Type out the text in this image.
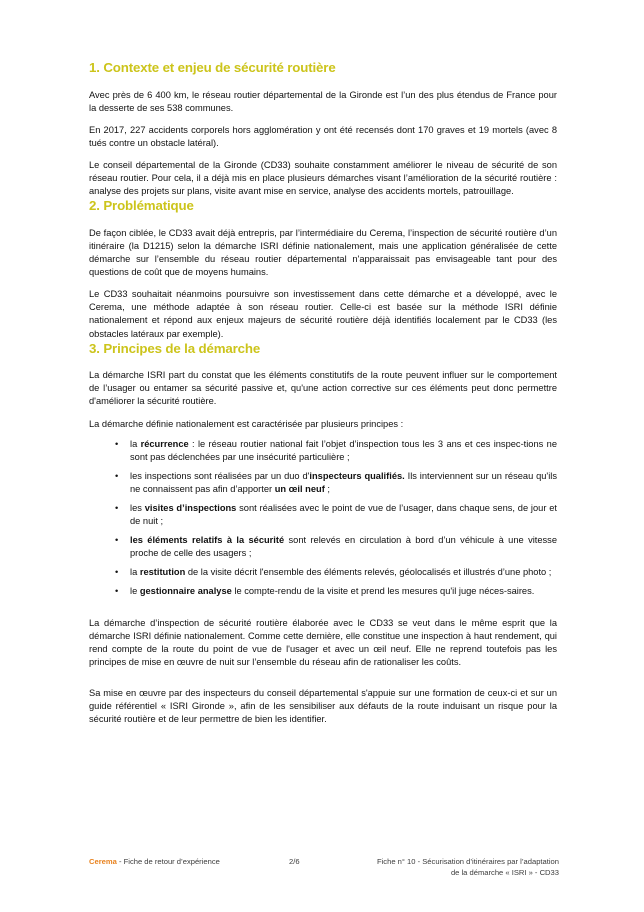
1. Contexte et enjeu de sécurité routière

Avec près de 6 400 km, le réseau routier départemental de la Gironde est l’un des plus étendus de France pour la desserte de ses 538 communes.

En 2017, 227 accidents corporels hors agglomération y ont été recensés dont 170 graves et 19 mortels (avec 8 tués contre un obstacle latéral).

Le conseil départemental de la Gironde (CD33) souhaite constamment améliorer le niveau de sécurité de son réseau routier. Pour cela, il a déjà mis en place plusieurs démarches visant l’amélioration de la sécurité routière : analyse des projets sur plans, visite avant mise en service, analyse des accidents mortels, patrouillage.

2. Problématique

De façon ciblée, le CD33 avait déjà entrepris, par l’intermédiaire du Cerema, l’inspection de sécurité routière d’un itinéraire (la D1215) selon la démarche ISRI définie nationalement, mais une application généralisée de cette démarche sur l’ensemble du réseau routier départemental n'apparaissait pas envisageable tant pour des questions de coût que de moyens humains.

Le CD33 souhaitait néanmoins poursuivre son investissement dans cette démarche et a développé, avec le Cerema, une méthode adaptée à son réseau routier. Celle-ci est basée sur la méthode ISRI définie nationalement et répond aux enjeux majeurs de sécurité routière déjà identifiés localement par le CD33 (les obstacles latéraux par exemple).

3. Principes de la démarche

La démarche ISRI part du constat que les éléments constitutifs de la route peuvent influer sur le comportement de l’usager ou entamer sa sécurité passive et, qu'une action corrective sur ces éléments peut donc permettre d'améliorer la sécurité routière.

La démarche définie nationalement est caractérisée par plusieurs principes :

• la récurrence : le réseau routier national fait l’objet d’inspection tous les 3 ans et ces inspec-tions ne sont pas déclenchées par une insécurité particulière ;
• les inspections sont réalisées par un duo d'inspecteurs qualifiés. Ils interviennent sur un réseau qu'ils ne connaissent pas afin d’apporter un œil neuf ;
• les visites d’inspections sont réalisées avec le point de vue de l’usager, dans chaque sens, de jour et de nuit ;
• les éléments relatifs à la sécurité sont relevés en circulation à bord d’un véhicule à une vitesse proche de celle des usagers ;
• la restitution de la visite décrit l'ensemble des éléments relevés, géolocalisés et illustrés d’une photo ;
• le gestionnaire analyse le compte-rendu de la visite et prend les mesures qu'il juge néces-saires.

La démarche d’inspection de sécurité routière élaborée avec le CD33 se veut dans le même esprit que la démarche ISRI définie nationalement. Comme cette dernière, elle constitue une inspection à haut rendement, qui rend compte de la route du point de vue de l'usager et avec un œil neuf. Elle ne reprend toutefois pas les principes de mise en œuvre de nuit sur l’ensemble du réseau afin de rationaliser les coûts.

Sa mise en œuvre par des inspecteurs du conseil départemental s'appuie sur une formation de ceux-ci et sur un guide référentiel « ISRI Gironde », afin de les sensibiliser aux défauts de la route induisant un risque pour la sécurité routière et de leur permettre de bien les identifier.

Cerema - Fiche de retour d’expérience	2/6	Fiche n° 10 - Sécurisation d’itinéraires par l’adaptation
de la démarche « ISRI » - CD33
